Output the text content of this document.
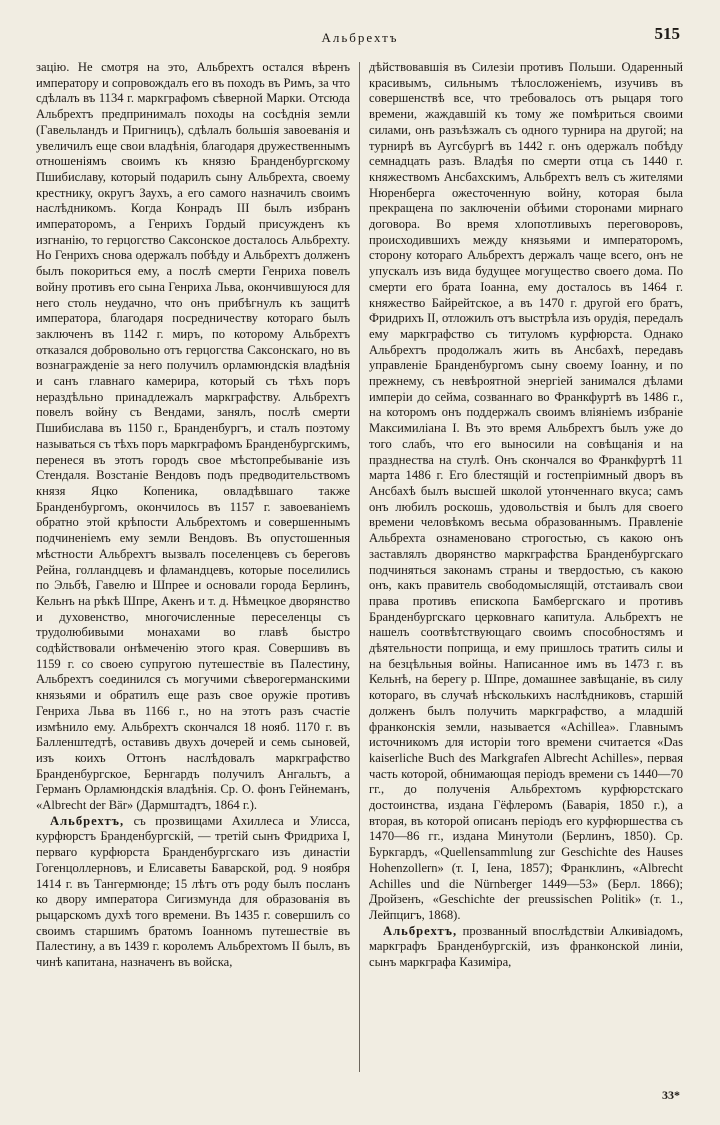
Альбрехтъ	515

зацію. Не смотря на это, Альбрехтъ остался вѣренъ императору и сопровождалъ его въ походъ въ Римъ, за что сдѣлалъ въ 1134 г. маркграфомъ сѣверной Марки. Отсюда Альбрехтъ предпринималъ походы на сосѣднія земли (Гавельландъ и Пригницъ), сдѣлалъ большія завоеванія и увеличилъ еще свои владѣнія, благодаря дружественнымъ отношеніямъ своимъ къ князю Бранденбургскому Пшибиславу, который подарилъ сыну Альбрехта, своему крестнику, округъ Заухъ, а его самого назначилъ своимъ наслѣдникомъ. Когда Конрадъ III былъ избранъ императоромъ, а Генрихъ Гордый присужденъ къ изгнанію, то герцогство Саксонское досталось Альбрехту. Но Генрихъ снова одержалъ побѣду и Альбрехтъ долженъ былъ покориться ему, а послѣ смерти Генриха повелъ войну противъ его сына Генриха Льва, окончившуюся для него столь неудачно, что онъ прибѣгнулъ къ защитѣ императора, благодаря посредничеству котораго былъ заключенъ въ 1142 г. миръ, по которому Альбрехтъ отказался добровольно отъ герцогства Саксонскаго, но въ вознагражденіе за него получилъ орламюндскія владѣнія и санъ главнаго камерира, который съ тѣхъ поръ нераздѣльно принадлежалъ маркграфству. Альбрехтъ повелъ войну съ Вендами, занялъ, послѣ смерти Пшибислава въ 1150 г., Бранденбургъ, и сталъ поэтому называться съ тѣхъ поръ маркграфомъ Бранденбургскимъ, перенеся въ этотъ городъ свое мѣстопребываніе изъ Стендаля. Возстаніе Вендовъ подъ предводительствомъ князя Яцко Копеника, овладѣвшаго также Бранденбургомъ, окончилось въ 1157 г. завоеваніемъ обратно этой крѣпости Альбрехтомъ и совершеннымъ подчиненіемъ ему земли Вендовъ. Въ опустошенныя мѣстности Альбрехтъ вызвалъ поселенцевъ съ береговъ Рейна, голландцевъ и фламандцевъ, которые поселились по Эльбѣ, Гавелю и Шпрее и основали города Берлинъ, Кельнъ на рѣкѣ Шпре, Акенъ и т. д. Нѣмецкое дворянство и духовенство, многочисленные переселенцы съ трудолюбивыми монахами во главѣ быстро содѣйствовали онѣмеченію этого края. Совершивъ въ 1159 г. со своею супругою путешествіе въ Палестину, Альбрехтъ соединился съ могучими сѣверогерманскими князьями и обратилъ еще разъ свое оружіе противъ Генриха Льва въ 1166 г., но на этотъ разъ счастіе измѣнило ему. Альбрехтъ скончался 18 нояб. 1170 г. въ Балленштедтѣ, оставивъ двухъ дочерей и семь сыновей, изъ коихъ Оттонъ наслѣдовалъ маркграфство Бранденбургское, Бернгардъ получилъ Ангальтъ, а Германъ Орламюндскія владѣнія. Ср. О. фонъ Гейнеманъ, «Albrecht der Bär» (Дармштадтъ, 1864 г.).

Альбрехтъ, съ прозвищами Ахиллеса и Улисса, курфюрстъ Бранденбургскій, — третій сынъ Фридриха I, перваго курфюрста Бранденбургскаго изъ династіи Гогенцоллерновъ, и Елисаветы Баварской, род. 9 ноября 1414 г. въ Тангермюнде; 15 лѣтъ отъ роду былъ посланъ ко двору императора Сигизмунда для образованія въ рыцарскомъ духѣ того времени. Въ 1435 г. совершилъ со своимъ старшимъ братомъ Іоанномъ путешествіе въ Палестину, а въ 1439 г. королемъ Альбрехтомъ II былъ, въ чинѣ капитана, назначенъ въ войска,

дѣйствовавшія въ Силезіи противъ Польши. Одаренный красивымъ, сильнымъ тѣлосложеніемъ, изучивъ въ совершенствѣ все, что требовалось отъ рыцаря того времени, жаждавшій къ тому же помѣриться своими силами, онъ разъѣзжалъ съ одного турнира на другой; на турнирѣ въ Аугсбургѣ въ 1442 г. онъ одержалъ побѣду семнадцать разъ. Владѣя по смерти отца съ 1440 г. княжествомъ Ансбахскимъ, Альбрехтъ велъ съ жителями Нюренберга ожесточенную войну, которая была прекращена по заключеніи обѣими сторонами мирнаго договора. Во время хлопотливыхъ переговоровъ, происходившихъ между князьями и императоромъ, сторону котораго Альбрехтъ держалъ чаще всего, онъ не упускалъ изъ вида будущее могущество своего дома. По смерти его брата Іоанна, ему досталось въ 1464 г. княжество Байрейтское, а въ 1470 г. другой его братъ, Фридрихъ II, отложилъ отъ выстрѣла изъ орудія, передалъ ему маркграфство съ титуломъ курфюрста. Однако Альбрехтъ продолжалъ жить въ Ансбахѣ, передавъ управленіе Бранденбургомъ сыну своему Іоанну, и по прежнему, съ невѣроятной энергіей занимался дѣлами имперіи до сейма, созваннаго во Франкфуртѣ въ 1486 г., на которомъ онъ поддержалъ своимъ вліяніемъ избраніе Максимиліана I. Въ это время Альбрехтъ былъ уже до того слабъ, что его выносили на совѣщанія и на празднества на стулѣ. Онъ скончался во Франкфуртѣ 11 марта 1486 г. Его блестящій и гостепріимный дворъ въ Ансбахѣ былъ высшей школой утонченнаго вкуса; самъ онъ любилъ роскошь, удовольствія и былъ для своего времени человѣкомъ весьма образованнымъ. Правленіе Альбрехта ознаменовано строгостью, съ какою онъ заставлялъ дворянство маркграфства Бранденбургскаго подчиняться законамъ страны и твердостью, съ какою онъ, какъ правитель свободомыслящій, отстаивалъ свои права противъ епископа Бамбергскаго и противъ Бранденбургскаго церковнаго капитула. Альбрехтъ не нашелъ соотвѣтствующаго своимъ способностямъ и дѣятельности поприща, и ему пришлось тратить силы и на безцѣльныя войны. Написанное имъ въ 1473 г. въ Кельнѣ, на берегу р. Шпре, домашнее завѣщаніе, въ силу котораго, въ случаѣ нѣсколькихъ наслѣдниковъ, старшій долженъ былъ получить маркграфство, а младшій франконскія земли, называется «Achillea». Главнымъ источникомъ для исторіи того времени считается «Das kaiserliche Buch des Markgrafen Albrecht Achilles», первая часть которой, обнимающая періодъ времени съ 1440—70 гг., до полученія Альбрехтомъ курфюрстскаго достоинства, издана Гёфлеромъ (Баварія, 1850 г.), а вторая, въ которой описанъ періодъ его курфюршества съ 1470—86 гг., издана Минутоли (Берлинъ, 1850). Ср. Буркгардъ, «Quellensammlung zur Geschichte des Hauses Hohenzollern» (т. I, Іена, 1857); Франклинъ, «Albrecht Achilles und die Nürnberger 1449—53» (Берл. 1866); Дройзенъ, «Geschichte der preussischen Politik» (т. 1., Лейпцигъ, 1868).

Альбрехтъ, прозванный впослѣдствіи Алкивіадомъ, маркграфъ Бранденбургскій, изъ франконской линіи, сынъ маркграфа Казиміра,

33*
